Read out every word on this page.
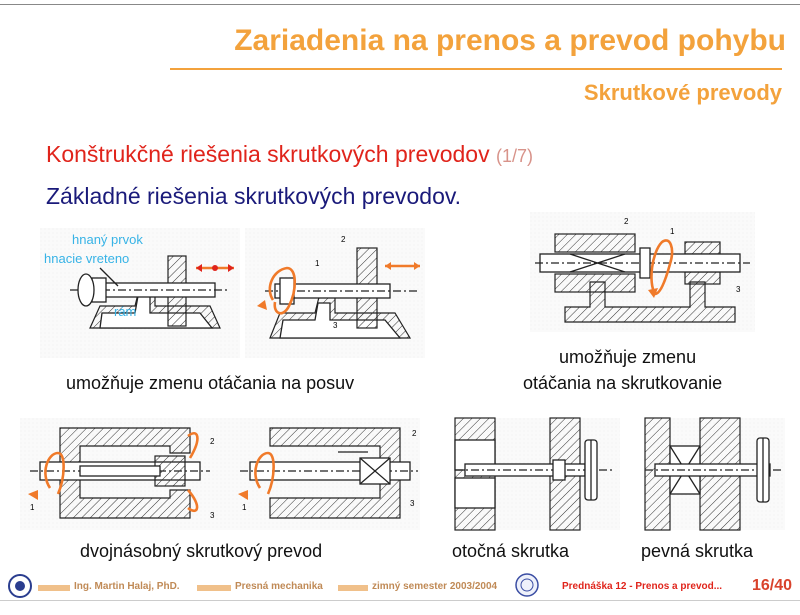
Zariadenia na prenos a prevod pohybu
Skrutkové prevody
Konštrukčné riešenia skrutkových prevodov (1/7)
Základné riešenia skrutkových prevodov.
hnaný prvok
hnacie vreteno
rám
2
1
3
2
1
3
umožňuje zmenu otáčania na posuv
umožňuje zmenu
otáčania na skrutkovanie
2
1
3
2
1	3
dvojnásobný skrutkový prevod	otočná skrutka	pevná skrutka
Ing. Martin Halaj, PhD.	Presná mechanika	zimný semester 2003/2004	Prednáška 12 - Prenos a prevod... 16/40
